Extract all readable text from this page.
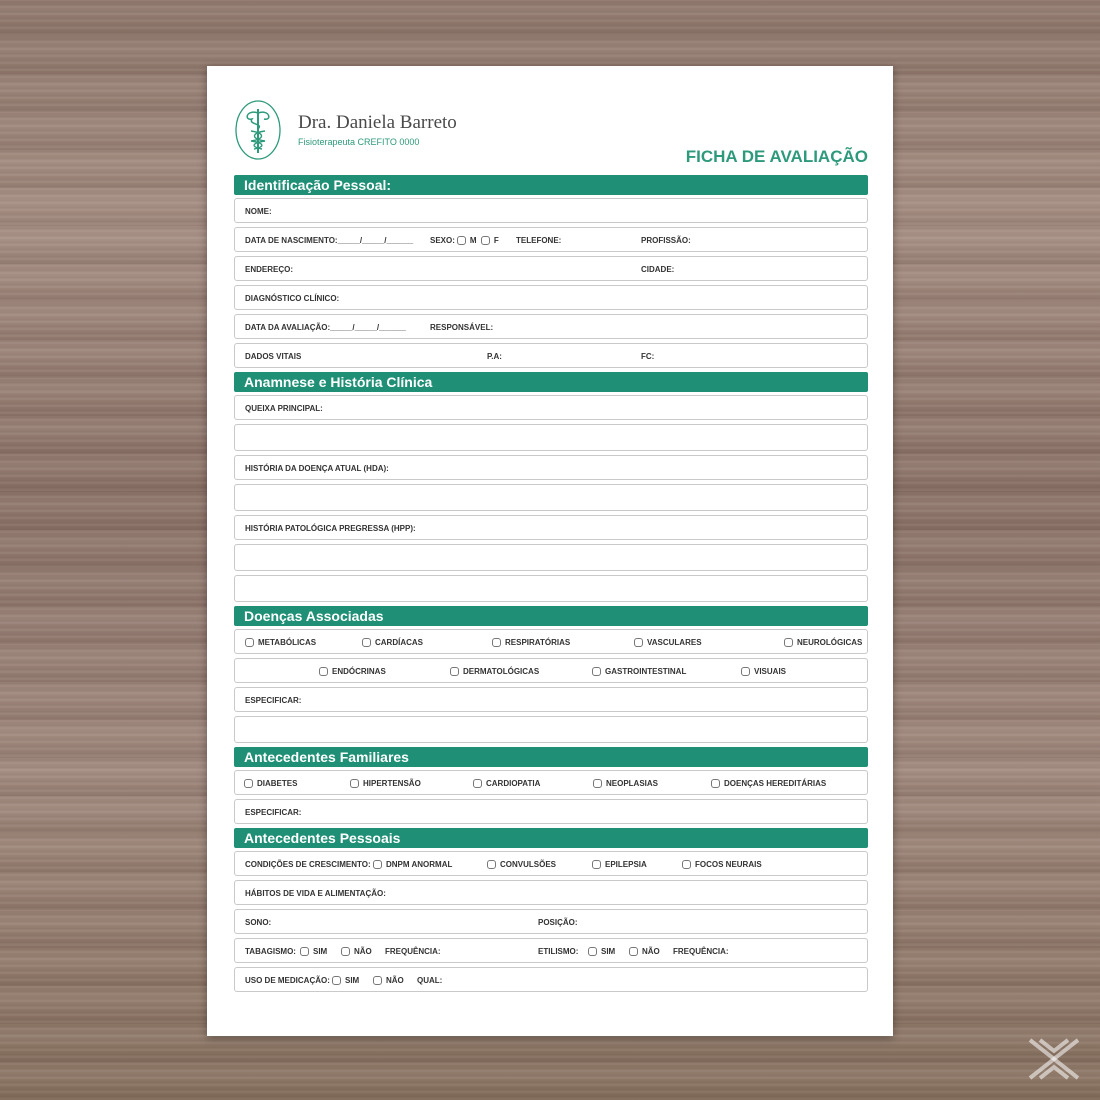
Dra. Daniela Barreto
Fisioterapeuta CREFITO 0000
FICHA DE AVALIAÇÃO
Identificação Pessoal:
NOME:
DATA DE NASCIMENTO:_____/_____/______ SEXO: M F TELEFONE:	PROFISSÃO:
ENDEREÇO:	CIDADE:
DIAGNÓSTICO CLÍNICO:
DATA DA AVALIAÇÃO:_____/_____/______	RESPONSÁVEL:
DADOS VITAIS	P.A:	FC:
Anamnese e História Clínica
QUEIXA PRINCIPAL:
HISTÓRIA DA DOENÇA ATUAL (HDA):
HISTÓRIA PATOLÓGICA PREGRESSA (HPP):
Doenças Associadas
METABÓLICAS	CARDÍACAS	RESPIRATÓRIAS	VASCULARES	NEUROLÓGICAS
ENDÓCRINAS	DERMATOLÓGICAS	GASTROINTESTINAL	VISUAIS
ESPECIFICAR:
Antecedentes Familiares
DIABETES	HIPERTENSÃO	CARDIOPATIA	NEOPLASIAS	DOENÇAS HEREDITÁRIAS
ESPECIFICAR:
Antecedentes Pessoais
CONDIÇÕES DE CRESCIMENTO:	DNPM ANORMAL	CONVULSÕES	EPILEPSIA	FOCOS NEURAIS
HÁBITOS DE VIDA E ALIMENTAÇÃO:
SONO:	POSIÇÃO:
TABAGISMO:	SIM	NÃO FREQUÊNCIA:	ETILISMO:	SIM	NÃO FREQUÊNCIA:
USO DE MEDICAÇÃO:	SIM	NÃO QUAL:
